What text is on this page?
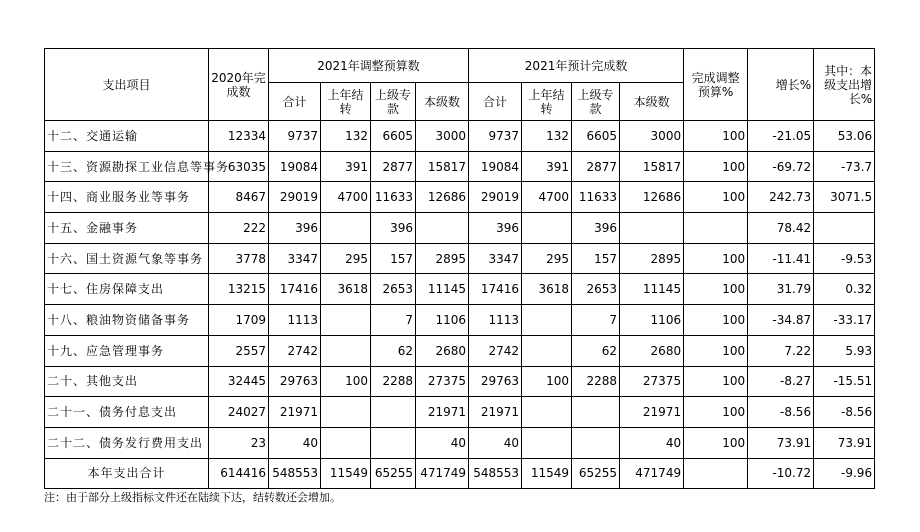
支出项目	2020年完成数	2021年调整预算数				2021年预计完成数				完成调整预算%	增长%	其中：本级支出增长%
		合计	上年结转	上级专款	本级数	合计	上年结转	上级专款	本级数			
十二、交通运输	12334	9737	132	6605	3000	9737	132	6605	3000	100	-21.05	53.06
十三、资源勘探工业信息等事务	63035	19084	391	2877	15817	19084	391	2877	15817	100	-69.72	-73.7
十四、商业服务业等事务	8467	29019	4700	11633	12686	29019	4700	11633	12686	100	242.73	3071.5
十五、金融事务	222	396		396		396		396			78.42	
十六、国土资源气象等事务	3778	3347	295	157	2895	3347	295	157	2895	100	-11.41	-9.53
十七、住房保障支出	13215	17416	3618	2653	11145	17416	3618	2653	11145	100	31.79	0.32
十八、粮油物资储备事务	1709	1113		7	1106	1113		7	1106	100	-34.87	-33.17
十九、应急管理事务	2557	2742		62	2680	2742		62	2680	100	7.22	5.93
二十、其他支出	32445	29763	100	2288	27375	29763	100	2288	27375	100	-8.27	-15.51
二十一、债务付息支出	24027	21971			21971	21971			21971	100	-8.56	-8.56
二十二、债务发行费用支出	23	40			40	40			40	100	73.91	73.91
本年支出合计	614416	548553	11549	65255	471749	548553	11549	65255	471749		-10.72	-9.96
注：由于部分上级指标文件还在陆续下达，结转数还会增加。
